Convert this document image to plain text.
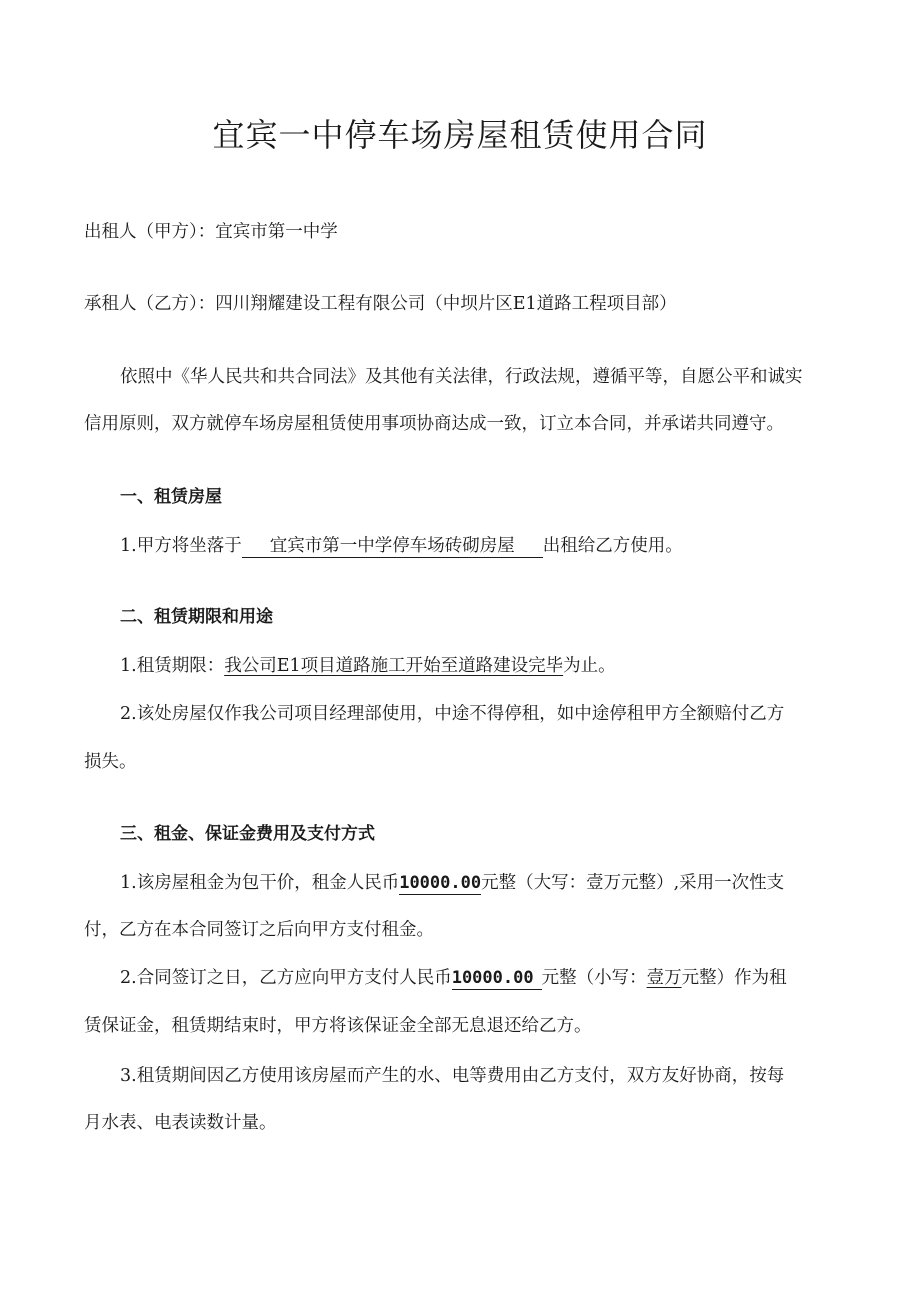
宜宾一中停车场房屋租赁使用合同

出租人（甲方）：宜宾市第一中学

承租人（乙方）：四川翔耀建设工程有限公司（中坝片区E1道路工程项目部）

依照中《华人民共和共合同法》及其他有关法律，行政法规，遵循平等，自愿公平和诚实

信用原则，双方就停车场房屋租赁使用事项协商达成一致，订立本合同，并承诺共同遵守。

一、租赁房屋

1.甲方将坐落于 宜宾市第一中学停车场砖砌房屋 出租给乙方使用。

二、租赁期限和用途

1.租赁期限：我公司E1项目道路施工开始至道路建设完毕为止。

2.该处房屋仅作我公司项目经理部使用，中途不得停租，如中途停租甲方全额赔付乙方

损失。

三、租金、保证金费用及支付方式

1.该房屋租金为包干价，租金人民币10000.00元整（大写：壹万元整）,采用一次性支

付，乙方在本合同签订之后向甲方支付租金。

2.合同签订之日，乙方应向甲方支付人民币10000.00 元整（小写：壹万元整）作为租

赁保证金，租赁期结束时，甲方将该保证金全部无息退还给乙方。

3.租赁期间因乙方使用该房屋而产生的水、电等费用由乙方支付，双方友好协商，按每

月水表、电表读数计量。
